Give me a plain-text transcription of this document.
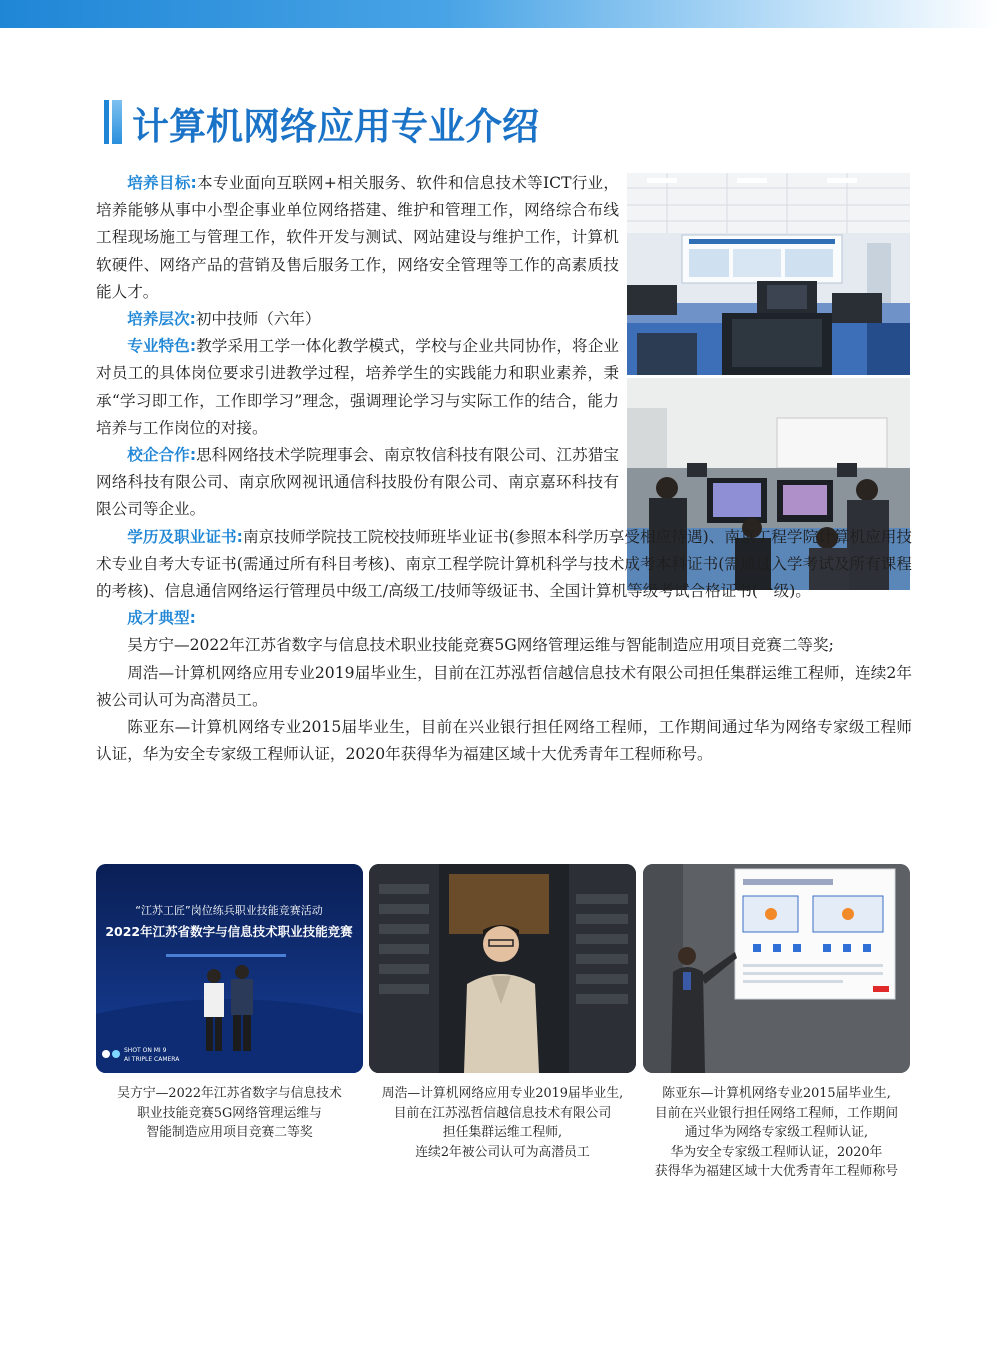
计算机网络应用专业介绍

培养目标:本专业面向互联网+相关服务、软件和信息技术等ICT行业，培养能够从事中小型企事业单位网络搭建、维护和管理工作，网络综合布线工程现场施工与管理工作，软件开发与测试、网站建设与维护工作，计算机软硬件、网络产品的营销及售后服务工作，网络安全管理等工作的高素质技能人才。

培养层次:初中技师（六年）

专业特色:教学采用工学一体化教学模式，学校与企业共同协作，将企业对员工的具体岗位要求引进教学过程，培养学生的实践能力和职业素养，秉承“学习即工作，工作即学习”理念，强调理论学习与实际工作的结合，能力培养与工作岗位的对接。

校企合作:思科网络技术学院理事会、南京牧信科技有限公司、江苏猎宝网络科技有限公司、南京欣网视讯通信科技股份有限公司、南京嘉环科技有限公司等企业。

学历及职业证书:南京技师学院技工院校技师班毕业证书(参照本科学历享受相应待遇)、南京工程学院计算机应用技术专业自考大专证书(需通过所有科目考核)、南京工程学院计算机科学与技术成考本科证书(需通过入学考试及所有课程的考核)、信息通信网络运行管理员中级工/高级工/技师等级证书、全国计算机等级考试合格证书(一级)。

成才典型:

吴方宁—2022年江苏省数字与信息技术职业技能竞赛5G网络管理运维与智能制造应用项目竞赛二等奖;

周浩—计算机网络应用专业2019届毕业生，目前在江苏泓哲信越信息技术有限公司担任集群运维工程师，连续2年被公司认可为高潜员工。

陈亚东—计算机网络专业2015届毕业生，目前在兴业银行担任网络工程师，工作期间通过华为网络专家级工程师认证，华为安全专家级工程师认证，2020年获得华为福建区域十大优秀青年工程师称号。

“江苏工匠”岗位练兵职业技能竞赛活动
2022年江苏省数字与信息技术职业技能竞赛
SHOT ON MI 9
AI TRIPLE CAMERA
吴方宁—2022年江苏省数字与信息技术
职业技能竞赛5G网络管理运维与
智能制造应用项目竞赛二等奖
周浩—计算机网络应用专业2019届毕业生,
目前在江苏泓哲信越信息技术有限公司
担任集群运维工程师,
连续2年被公司认可为高潜员工
陈亚东—计算机网络专业2015届毕业生,
目前在兴业银行担任网络工程师，工作期间
通过华为网络专家级工程师认证,
华为安全专家级工程师认证，2020年
获得华为福建区域十大优秀青年工程师称号
